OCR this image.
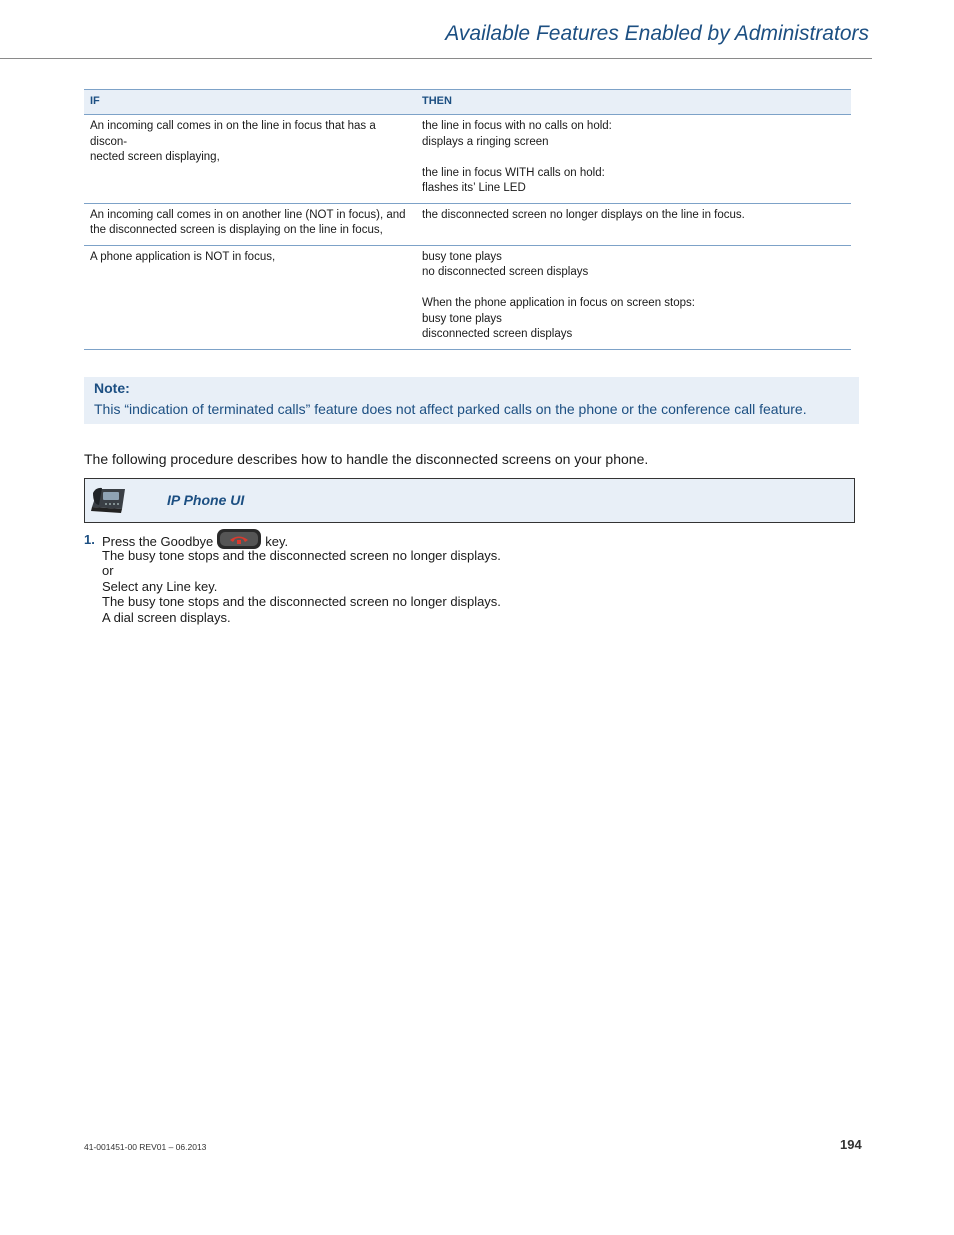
Available Features Enabled by Administrators
IF	THEN

An incoming call comes in on the line in focus that has a discon-
nected screen displaying,	the line in focus with no calls on hold:
displays a ringing screen
the line in focus WITH calls on hold:
flashes its’ Line LED

An incoming call comes in on another line (NOT in focus), and
the disconnected screen is displaying on the line in focus,	the disconnected screen no longer displays on the line in focus.

A phone application is NOT in focus,	busy tone plays
no disconnected screen displays
When the phone application in focus on screen stops:
busy tone plays
disconnected screen displays
Note:
This “indication of terminated calls” feature does not affect parked calls on the phone or the conference call feature.
The following procedure describes how to handle the disconnected screens on your phone.
IP Phone UI
1. Press the Goodbye	key.
The busy tone stops and the disconnected screen no longer displays.
or
Select any Line key.
The busy tone stops and the disconnected screen no longer displays.
A dial screen displays.
41-001451-00 REV01 – 06.2013	194
